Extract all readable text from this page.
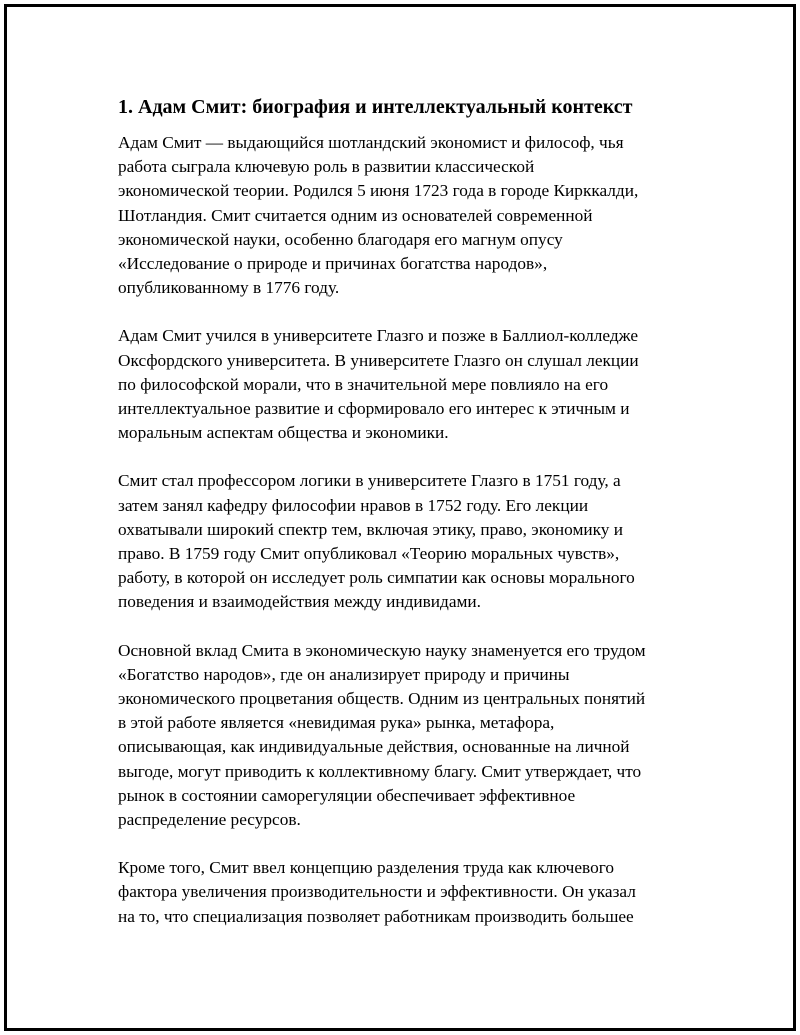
1. Адам Смит: биография и интеллектуальный контекст

Адам Смит — выдающийся шотландский экономист и философ, чья
работа сыграла ключевую роль в развитии классической
экономической теории. Родился 5 июня 1723 года в городе Кирккалди,
Шотландия. Смит считается одним из основателей современной
экономической науки, особенно благодаря его магнум опусу
«Исследование о природе и причинах богатства народов»,
опубликованному в 1776 году.

Адам Смит учился в университете Глазго и позже в Баллиол-колледже
Оксфордского университета. В университете Глазго он слушал лекции
по философской морали, что в значительной мере повлияло на его
интеллектуальное развитие и сформировало его интерес к этичным и
моральным аспектам общества и экономики.

Смит стал профессором логики в университете Глазго в 1751 году, а
затем занял кафедру философии нравов в 1752 году. Его лекции
охватывали широкий спектр тем, включая этику, право, экономику и
право. В 1759 году Смит опубликовал «Теорию моральных чувств»,
работу, в которой он исследует роль симпатии как основы морального
поведения и взаимодействия между индивидами.

Основной вклад Смита в экономическую науку знаменуется его трудом
«Богатство народов», где он анализирует природу и причины
экономического процветания обществ. Одним из центральных понятий
в этой работе является «невидимая рука» рынка, метафора,
описывающая, как индивидуальные действия, основанные на личной
выгоде, могут приводить к коллективному благу. Смит утверждает, что
рынок в состоянии саморегуляции обеспечивает эффективное
распределение ресурсов.

Кроме того, Смит ввел концепцию разделения труда как ключевого
фактора увеличения производительности и эффективности. Он указал
на то, что специализация позволяет работникам производить большее
